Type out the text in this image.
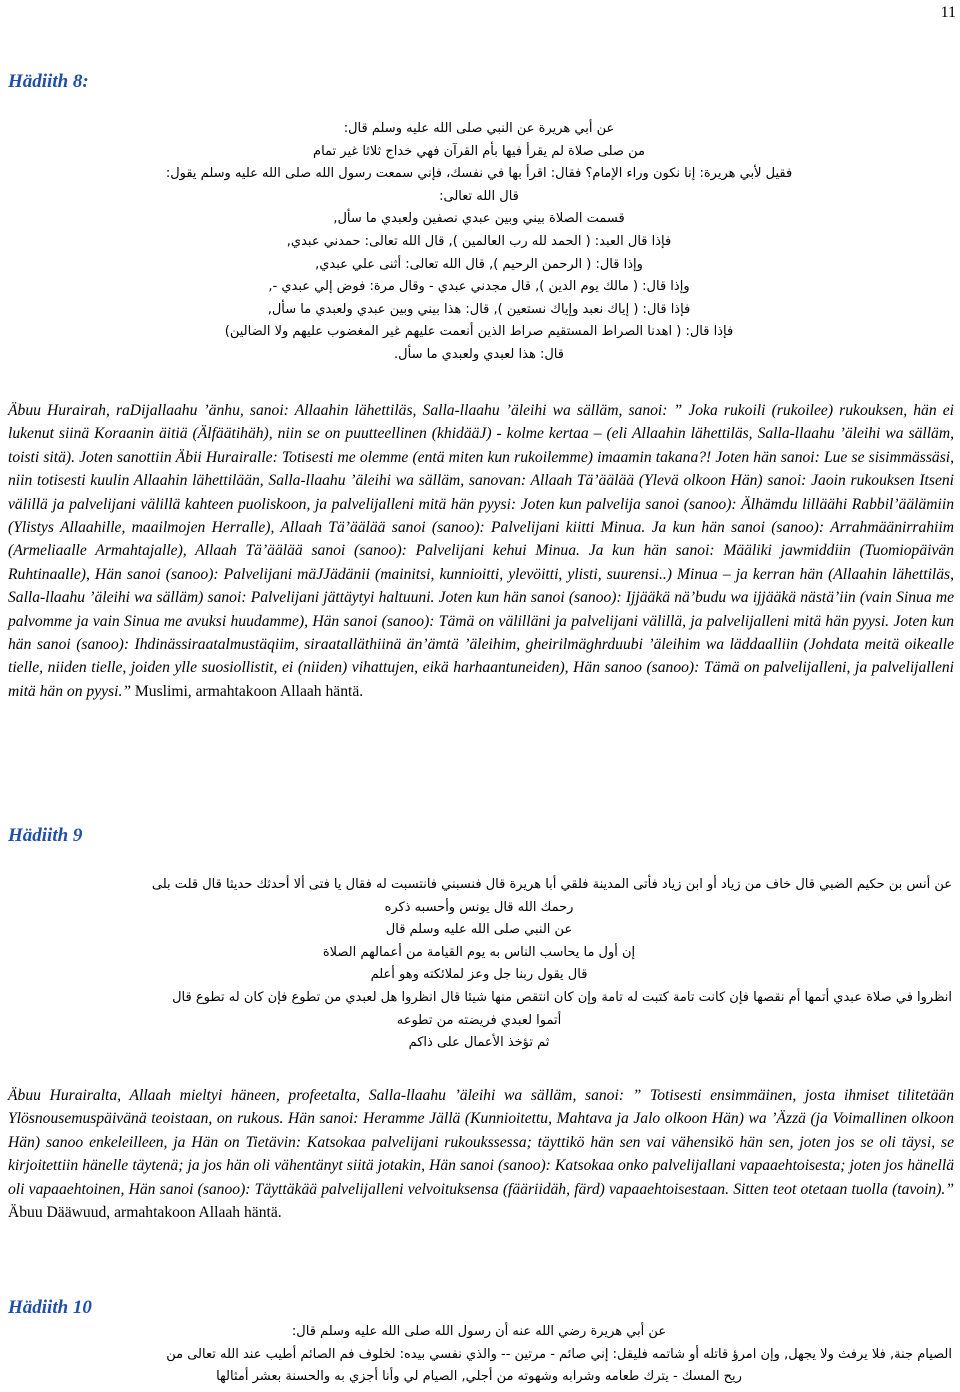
11
Hädiith 8:
عن أبي هريرة عن النبي صلى الله عليه وسلم قال:
من صلى صلاة لم يقرأ فيها بأم القرآن فهي خداج ثلاثا غير تمام
فقيل لأبي هريرة: إنا نكون وراء الإمام؟ فقال: اقرأ بها في نفسك، فإني سمعت رسول الله صلى الله عليه وسلم يقول:
قال الله تعالى:
قسمت الصلاة بيني وبين عبدي نصفين ولعبدي ما سأل,
فإذا قال العبد: ( الحمد لله رب العالمين ), قال الله تعالى: حمدني عبدي,
وإذا قال: ( الرحمن الرحيم ), قال الله تعالى: أثنى علي عبدي,
وإذا قال: ( مالك يوم الدين ), قال مجدني عبدي - وقال مرة: فوض إلي عبدي -,
فإذا قال: ( إياك نعبد وإياك نستعين ), قال: هذا بيني وبين عبدي ولعبدي ما سأل,
فإذا قال: ( اهدنا الصراط المستقيم صراط الذين أنعمت عليهم غير المغضوب عليهم ولا الضالين)
قال: هذا لعبدي ولعبدي ما سأل.

Äbuu Hurairah, raDijallaahu ’änhu, sanoi: Allaahin lähettiläs, Salla-llaahu ’äleihi wa sälläm, sanoi: ” Joka rukoili (rukoilee) rukouksen, hän ei lukenut siinä Koraanin äitiä (Älfäätihäh), niin se on puutteellinen (khidääJ) - kolme kertaa – (eli Allaahin lähettiläs, Salla-llaahu ’äleihi wa sälläm, toisti sitä). Joten sanottiin Äbii Hurairalle: Totisesti me olemme (entä miten kun rukoilemme) imaamin takana?! Joten hän sanoi: Lue se sisimmässäsi, niin totisesti kuulin Allaahin lähettilään, Salla-llaahu ’äleihi wa sälläm, sanovan: Allaah Tä’äälää (Ylevä olkoon Hän) sanoi: Jaoin rukouksen Itseni välillä ja palvelijani välillä kahteen puoliskoon, ja palvelijalleni mitä hän pyysi: Joten kun palvelija sanoi (sanoo): Älhämdu lilläähi Rabbil’äälämiin (Ylistys Allaahille, maailmojen Herralle), Allaah Tä’äälää sanoi (sanoo): Palvelijani kiitti Minua. Ja kun hän sanoi (sanoo): Arrahmäänirrahiim (Armeliaalle Armahtajalle), Allaah Tä’äälää sanoi (sanoo): Palvelijani kehui Minua. Ja kun hän sanoi: Määliki jawmiddiin (Tuomiopäivän Ruhtinaalle), Hän sanoi (sanoo): Palvelijani mäJJädänii (mainitsi, kunnioitti, ylevöitti, ylisti, suurensi..) Minua – ja kerran hän (Allaahin lähettiläs, Salla-llaahu ’äleihi wa sälläm) sanoi: Palvelijani jättäytyi haltuuni. Joten kun hän sanoi (sanoo): Ijjääkä nä’budu wa ijjääkä nästä’iin (vain Sinua me palvomme ja vain Sinua me avuksi huudamme), Hän sanoi (sanoo): Tämä on välilläni ja palvelijani välillä, ja palvelijalleni mitä hän pyysi. Joten kun hän sanoi (sanoo): Ihdinässiraatalmustäqiim, siraatalläthiinä än’ämtä ’äleihim, gheirilmäghrduubi ’äleihim wa läddaalliin (Johdata meitä oikealle tielle, niiden tielle, joiden ylle suosiollistit, ei (niiden) vihattujen, eikä harhaantuneiden), Hän sanoo (sanoo): Tämä on palvelijalleni, ja palvelijalleni mitä hän on pyysi.” Muslimi, armahtakoon Allaah häntä.

Hädiith 9
عن أنس بن حكيم الضبي قال خاف من زياد أو ابن زياد فأتى المدينة فلقي أبا هريرة قال فنسبني فانتسبت له فقال يا فتى ألا أحدثك حديثا قال قلت بلى
رحمك الله قال يونس وأحسبه ذكره
عن النبي صلى الله عليه وسلم قال
إن أول ما يحاسب الناس به يوم القيامة من أعمالهم الصلاة
قال يقول ربنا جل وعز لملائكته وهو أعلم
انظروا في صلاة عبدي أتمها أم نقصها فإن كانت تامة كتبت له تامة وإن كان انتقص منها شيئا قال انظروا هل لعبدي من تطوع فإن كان له تطوع قال
أتموا لعبدي فريضته من تطوعه
ثم تؤخذ الأعمال على ذاكم

Äbuu Hurairalta, Allaah mieltyi häneen, profeetalta, Salla-llaahu ’äleihi wa sälläm, sanoi: ” Totisesti ensimmäinen, josta ihmiset tilitetään Ylösnousemuspäivänä teoistaan, on rukous. Hän sanoi: Heramme Jällä (Kunnioitettu, Mahtava ja Jalo olkoon Hän) wa ’Äzzä (ja Voimallinen olkoon Hän) sanoo enkeleilleen, ja Hän on Tietävin: Katsokaa palvelijani rukoukssessa; täyttikö hän sen vai vähensikö hän sen, joten jos se oli täysi, se kirjoitettiin hänelle täytenä; ja jos hän oli vähentänyt siitä jotakin, Hän sanoi (sanoo): Katsokaa onko palvelijallani vapaaehtoisesta; joten jos hänellä oli vapaaehtoinen, Hän sanoi (sanoo): Täyttäkää palvelijalleni velvoituksensa (fääriidäh, färd) vapaaehtoisestaan. Sitten teot otetaan tuolla (tavoin).” Äbuu Dääwuud, armahtakoon Allaah häntä.

Hädiith 10
عن أبي هريرة رضي الله عنه أن رسول الله صلى الله عليه وسلم قال:
الصيام جنة, فلا يرفث ولا يجهل, وإن امرؤ قاتله أو شاتمه فليقل: إني صائم - مرتين -- والذي نفسي بيده: لخلوف فم الصائم أطيب عند الله تعالى من
ريح المسك - يترك طعامه وشرابه وشهوته من أجلي, الصيام لي وأنا أجزي به والحسنة بعشر أمثالها
